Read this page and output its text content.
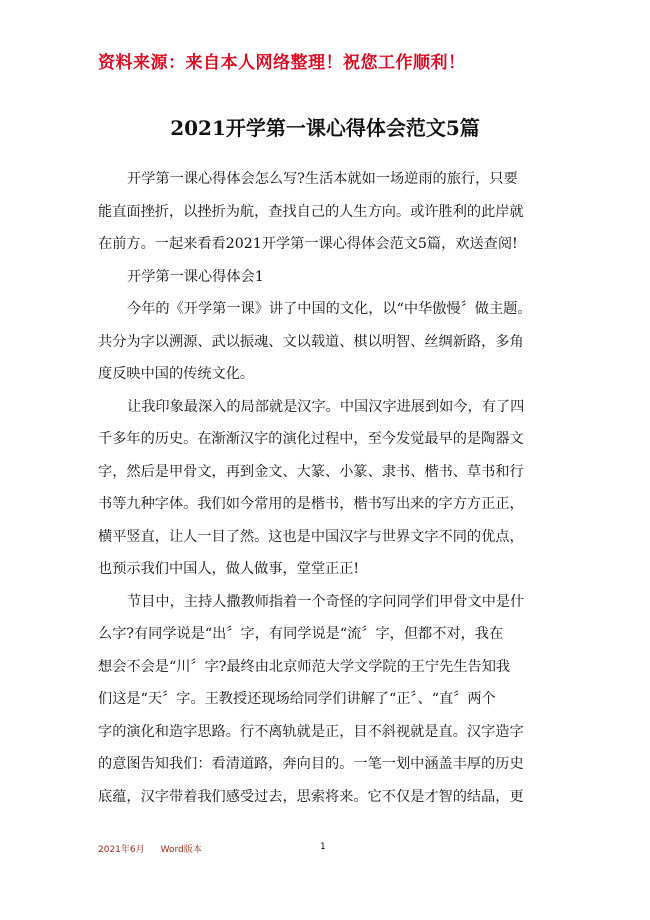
资料来源：来自本人网络整理！祝您工作顺利！
2021开学第一课心得体会范文5篇
开学第一课心得体会怎么写?生活本就如一场逆雨的旅行，只要
能直面挫折，以挫折为航，查找自己的人生方向。或许胜利的此岸就
在前方。一起来看看2021开学第一课心得体会范文5篇，欢送查阅!
开学第一课心得体会1
今年的《开学第一课》讲了中国的文化，以“中华傲慢〞做主题。
共分为字以溯源、武以振魂、文以载道、棋以明智、丝绸新路，多角
度反映中国的传统文化。
让我印象最深入的局部就是汉字。中国汉字进展到如今，有了四
千多年的历史。在渐渐汉字的演化过程中，至今发觉最早的是陶器文
字，然后是甲骨文，再到金文、大篆、小篆、隶书、楷书、草书和行
书等九种字体。我们如今常用的是楷书，楷书写出来的字方方正正，
横平竖直，让人一目了然。这也是中国汉字与世界文字不同的优点，
也预示我们中国人，做人做事，堂堂正正!
节目中，主持人撒教师指着一个奇怪的字问同学们甲骨文中是什
么字?有同学说是“出〞字，有同学说是“流〞字，但都不对，我在
想会不会是“川〞字?最终由北京师范大学文学院的王宁先生告知我
们这是“天〞字。王教授还现场给同学们讲解了“正〞、“直〞两个
字的演化和造字思路。行不离轨就是正，目不斜视就是直。汉字造字
的意图告知我们：看清道路，奔向目的。一笔一划中涵盖丰厚的历史
底蕴，汉字带着我们感受过去，思索将来。它不仅是才智的结晶，更
2021年6月 Word版本	1
